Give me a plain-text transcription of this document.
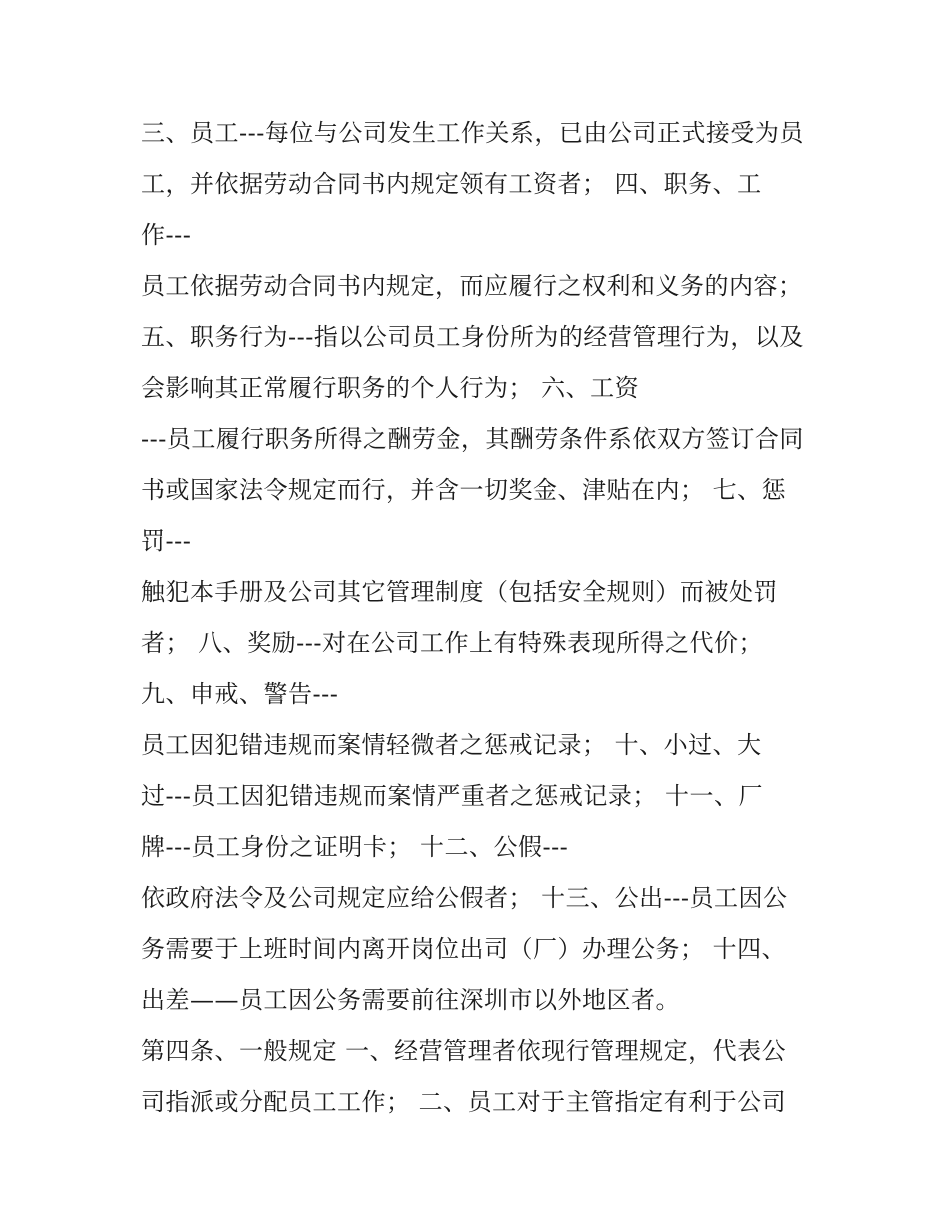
三、员工---每位与公司发生工作关系，已由公司正式接受为员
工，并依据劳动合同书内规定领有工资者； 四、职务、工
作---
员工依据劳动合同书内规定，而应履行之权利和义务的内容；
五、职务行为---指以公司员工身份所为的经营管理行为，以及
会影响其正常履行职务的个人行为； 六、工资
---员工履行职务所得之酬劳金，其酬劳条件系依双方签订合同
书或国家法令规定而行，并含一切奖金、津贴在内； 七、惩
罚---
触犯本手册及公司其它管理制度（包括安全规则）而被处罚
者； 八、奖励---对在公司工作上有特殊表现所得之代价；
九、申戒、警告---
员工因犯错违规而案情轻微者之惩戒记录； 十、小过、大
过---员工因犯错违规而案情严重者之惩戒记录； 十一、厂
牌---员工身份之证明卡； 十二、公假---
依政府法令及公司规定应给公假者； 十三、公出---员工因公
务需要于上班时间内离开岗位出司（厂）办理公务； 十四、
出差——员工因公务需要前往深圳市以外地区者。
第四条、一般规定 一、经营管理者依现行管理规定，代表公
司指派或分配员工工作； 二、员工对于主管指定有利于公司
